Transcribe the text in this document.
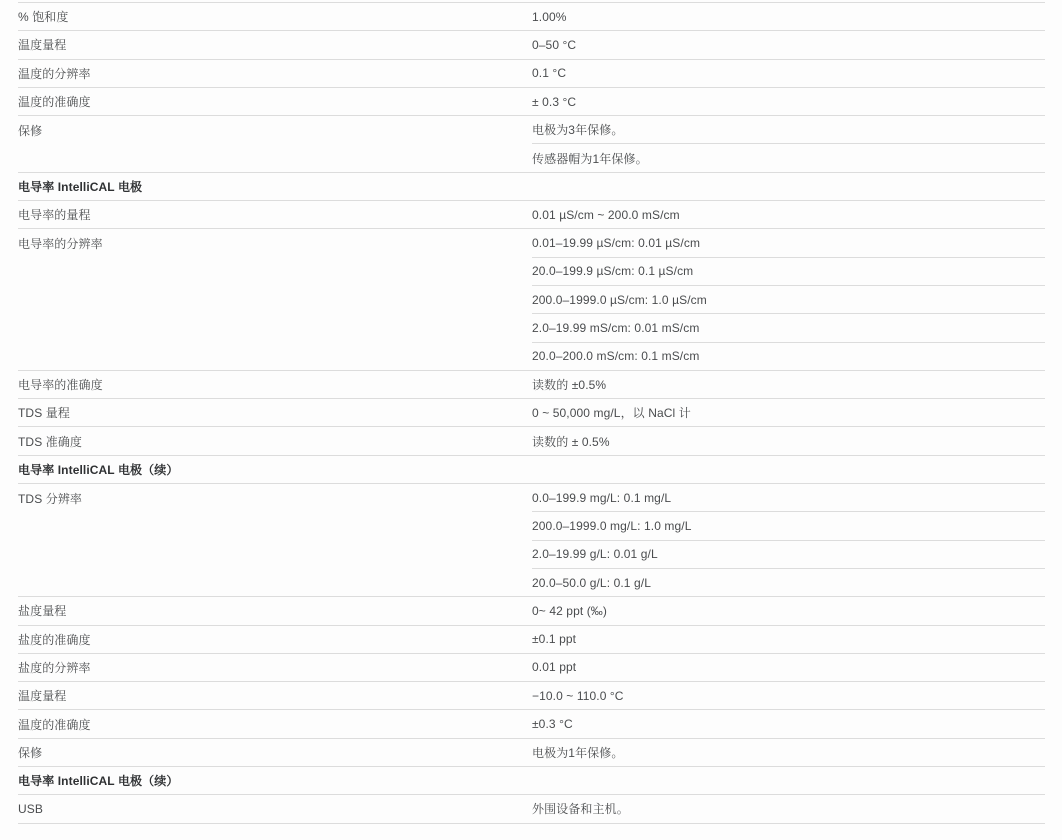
% 饱和度	1.00%
温度量程	0–50 °C
温度的分辨率	0.1 °C
温度的准确度	± 0.3 °C
保修	电极为3年保修。
传感器帽为1年保修。
电导率 IntelliCAL 电极
电导率的量程	0.01 µS/cm ~ 200.0 mS/cm
电导率的分辨率	0.01–19.99 µS/cm: 0.01 µS/cm
20.0–199.9 µS/cm: 0.1 µS/cm
200.0–1999.0 µS/cm: 1.0 µS/cm
2.0–19.99 mS/cm: 0.01 mS/cm
20.0–200.0 mS/cm: 0.1 mS/cm
电导率的准确度	读数的 ±0.5%
TDS 量程	0 ~ 50,000 mg/L，以 NaCl 计
TDS 准确度	读数的 ± 0.5%
电导率 IntelliCAL 电极（续）
TDS 分辨率	0.0–199.9 mg/L: 0.1 mg/L
200.0–1999.0 mg/L: 1.0 mg/L
2.0–19.99 g/L: 0.01 g/L
20.0–50.0 g/L: 0.1 g/L
盐度量程	0~ 42 ppt (‰)
盐度的准确度	±0.1 ppt
盐度的分辨率	0.01 ppt
温度量程	−10.0 ~ 110.0 °C
温度的准确度	±0.3 °C
保修	电极为1年保修。
电导率 IntelliCAL 电极（续）
USB	外围设备和主机。
